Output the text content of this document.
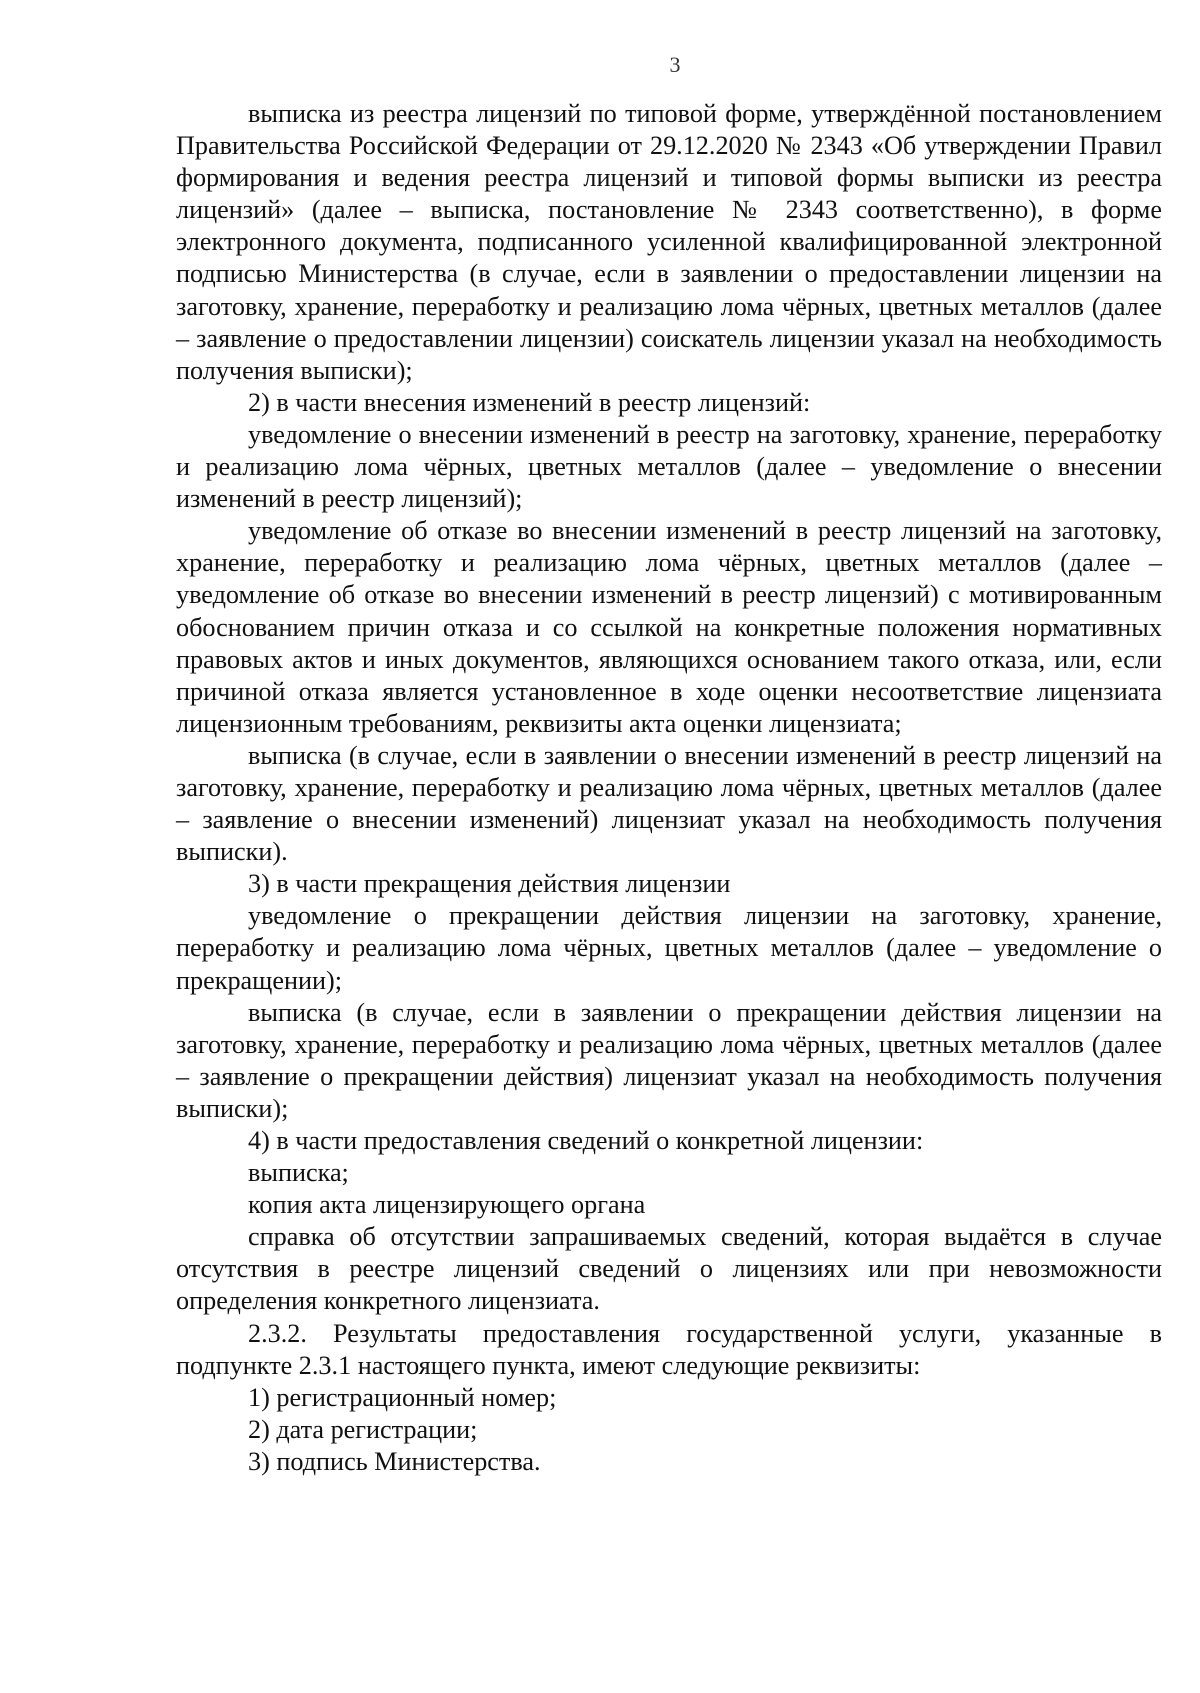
3

выписка из реестра лицензий по типовой форме, утверждённой постановлением Правительства Российской Федерации от 29.12.2020 № 2343 «Об утверждении Правил формирования и ведения реестра лицензий и типовой формы выписки из реестра лицензий» (далее – выписка, постановление № 2343 соответственно), в форме электронного документа, подписанного усиленной квалифицированной электронной подписью Министерства (в случае, если в заявлении о предоставлении лицензии на заготовку, хранение, переработку и реализацию лома чёрных, цветных металлов (далее – заявление о предоставлении лицензии) соискатель лицензии указал на необходимость получения выписки);

2) в части внесения изменений в реестр лицензий:

уведомление о внесении изменений в реестр на заготовку, хранение, переработку и реализацию лома чёрных, цветных металлов (далее – уведомление о внесении изменений в реестр лицензий);

уведомление об отказе во внесении изменений в реестр лицензий на заготовку, хранение, переработку и реализацию лома чёрных, цветных металлов (далее – уведомление об отказе во внесении изменений в реестр лицензий) с мотивированным обоснованием причин отказа и со ссылкой на конкретные положения нормативных правовых актов и иных документов, являющихся основанием такого отказа, или, если причиной отказа является установленное в ходе оценки несоответствие лицензиата лицензионным требованиям, реквизиты акта оценки лицензиата;

выписка (в случае, если в заявлении о внесении изменений в реестр лицензий на заготовку, хранение, переработку и реализацию лома чёрных, цветных металлов (далее – заявление о внесении изменений) лицензиат указал на необходимость получения выписки).

3) в части прекращения действия лицензии

уведомление о прекращении действия лицензии на заготовку, хранение, переработку и реализацию лома чёрных, цветных металлов (далее – уведомление о прекращении);

выписка (в случае, если в заявлении о прекращении действия лицензии на заготовку, хранение, переработку и реализацию лома чёрных, цветных металлов (далее – заявление о прекращении действия) лицензиат указал на необходимость получения выписки);

4) в части предоставления сведений о конкретной лицензии:

выписка;

копия акта лицензирующего органа

справка об отсутствии запрашиваемых сведений, которая выдаётся в случае отсутствия в реестре лицензий сведений о лицензиях или при невозможности определения конкретного лицензиата.

2.3.2. Результаты предоставления государственной услуги, указанные в подпункте 2.3.1 настоящего пункта, имеют следующие реквизиты:

1) регистрационный номер;

2) дата регистрации;

3) подпись Министерства.
